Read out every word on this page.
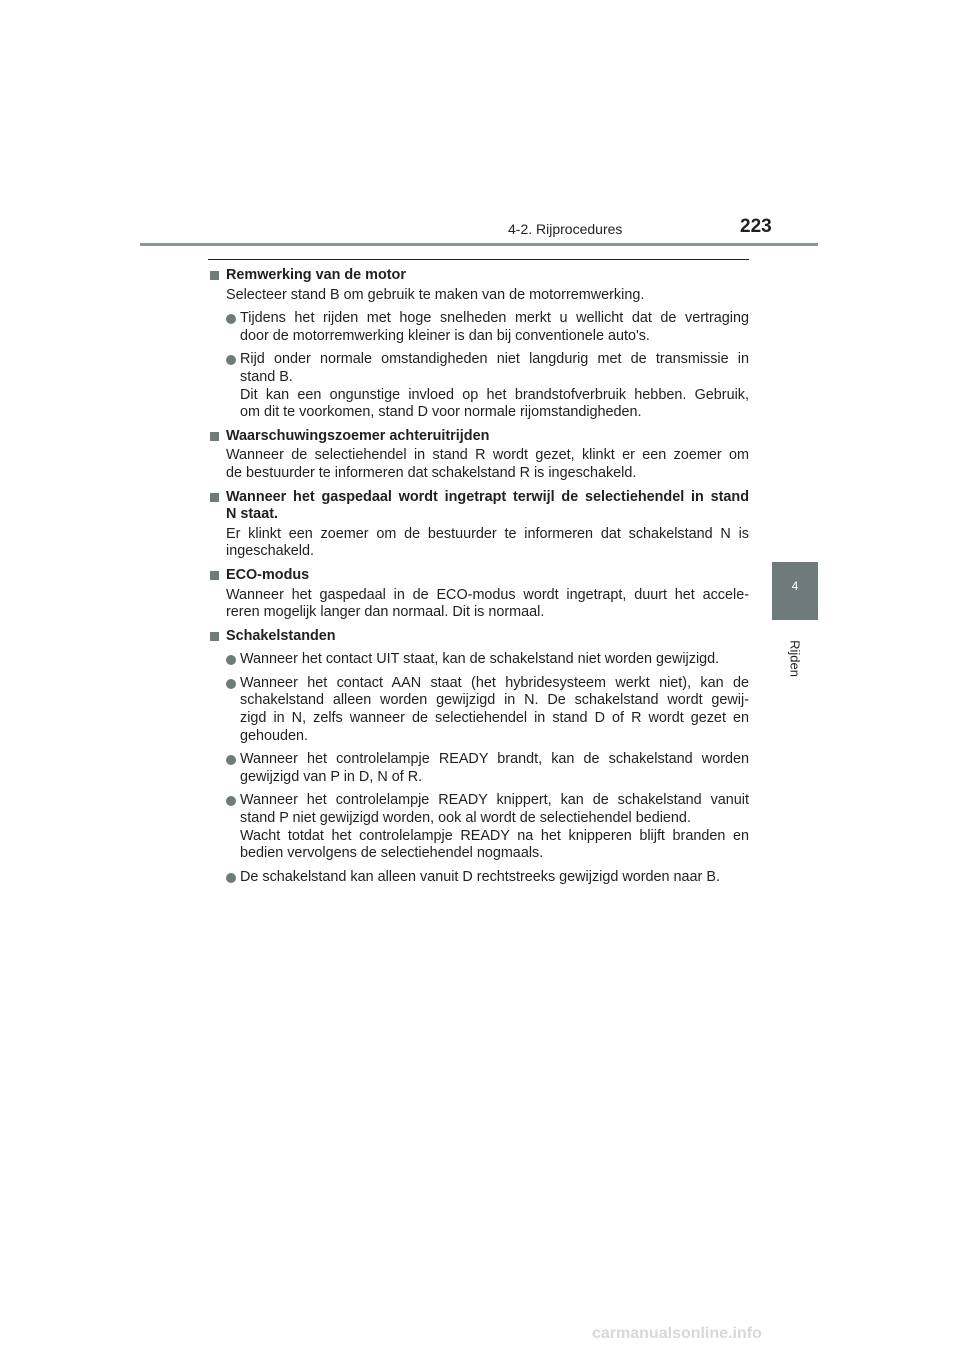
4-2. Rijprocedures	223
4
Rijden
Remwerking van de motor
Selecteer stand B om gebruik te maken van de motorremwerking.
Tijdens het rijden met hoge snelheden merkt u wellicht dat de vertraging
door de motorremwerking kleiner is dan bij conventionele auto's.
Rijd onder normale omstandigheden niet langdurig met de transmissie in
stand B.
Dit kan een ongunstige invloed op het brandstofverbruik hebben. Gebruik,
om dit te voorkomen, stand D voor normale rijomstandigheden.
Waarschuwingszoemer achteruitrijden
Wanneer de selectiehendel in stand R wordt gezet, klinkt er een zoemer om
de bestuurder te informeren dat schakelstand R is ingeschakeld.
Wanneer het gaspedaal wordt ingetrapt terwijl de selectiehendel in stand
N staat.
Er klinkt een zoemer om de bestuurder te informeren dat schakelstand N is
ingeschakeld.
ECO-modus
Wanneer het gaspedaal in de ECO-modus wordt ingetrapt, duurt het accele-
reren mogelijk langer dan normaal. Dit is normaal.
Schakelstanden
Wanneer het contact UIT staat, kan de schakelstand niet worden gewijzigd.
Wanneer het contact AAN staat (het hybridesysteem werkt niet), kan de
schakelstand alleen worden gewijzigd in N. De schakelstand wordt gewij-
zigd in N, zelfs wanneer de selectiehendel in stand D of R wordt gezet en
gehouden.
Wanneer het controlelampje READY brandt, kan de schakelstand worden
gewijzigd van P in D, N of R.
Wanneer het controlelampje READY knippert, kan de schakelstand vanuit
stand P niet gewijzigd worden, ook al wordt de selectiehendel bediend.
Wacht totdat het controlelampje READY na het knipperen blijft branden en
bedien vervolgens de selectiehendel nogmaals.
De schakelstand kan alleen vanuit D rechtstreeks gewijzigd worden naar B.
carmanualsonline.info
